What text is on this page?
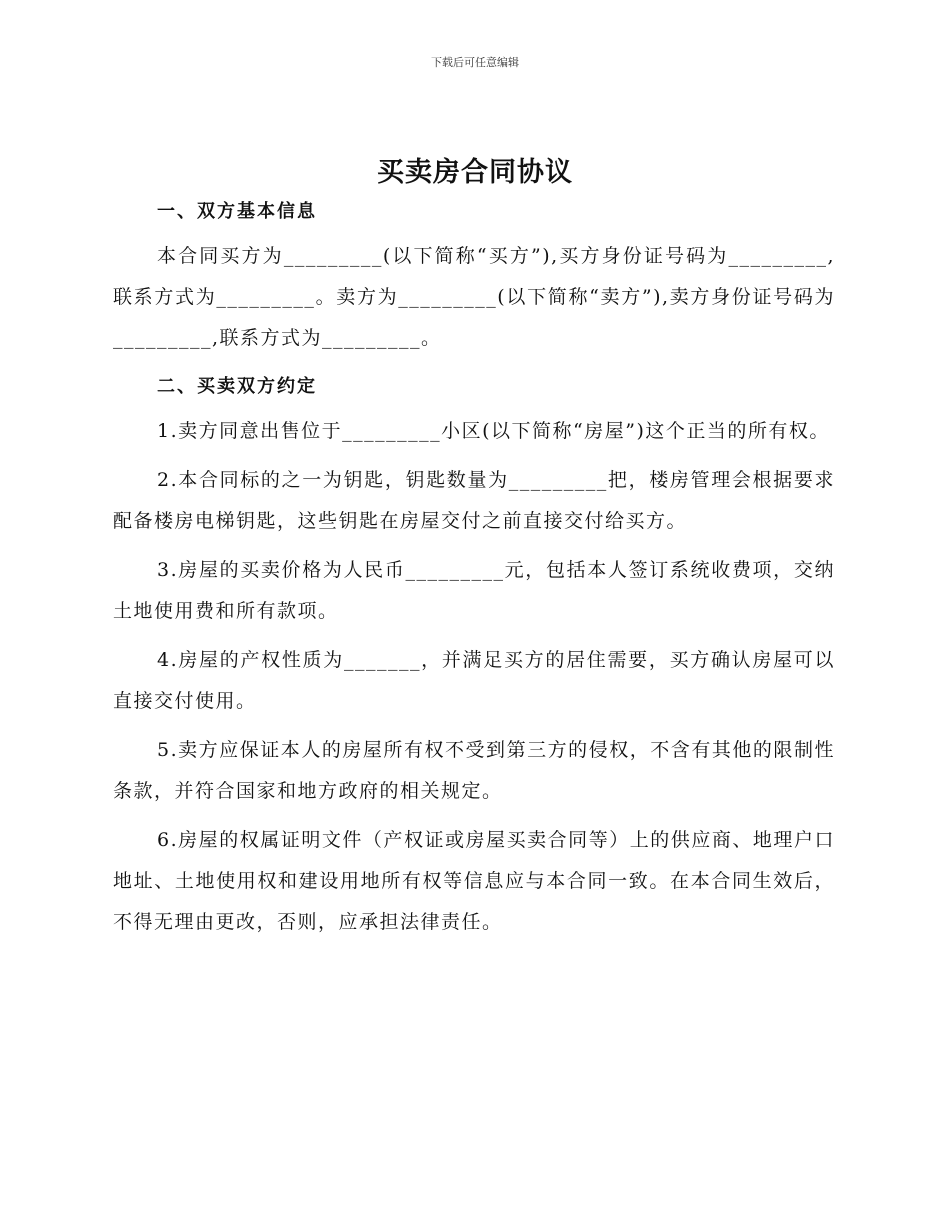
下载后可任意编辑
买卖房合同协议
一、双方基本信息

本合同买方为_________(以下简称“买方”),买方身份证号码为_________,联系方式为_________。卖方为_________(以下简称“卖方”),卖方身份证号码为_________,联系方式为_________。

二、买卖双方约定

1.卖方同意出售位于_________小区(以下简称“房屋”)这个正当的所有权。

2.本合同标的之一为钥匙，钥匙数量为_________把，楼房管理会根据要求配备楼房电梯钥匙，这些钥匙在房屋交付之前直接交付给买方。

3.房屋的买卖价格为人民币_________元，包括本人签订系统收费项，交纳土地使用费和所有款项。

4.房屋的产权性质为_______，并满足买方的居住需要，买方确认房屋可以直接交付使用。

5.卖方应保证本人的房屋所有权不受到第三方的侵权，不含有其他的限制性条款，并符合国家和地方政府的相关规定。

6.房屋的权属证明文件（产权证或房屋买卖合同等）上的供应商、地理户口地址、土地使用权和建设用地所有权等信息应与本合同一致。在本合同生效后，不得无理由更改，否则，应承担法律责任。
